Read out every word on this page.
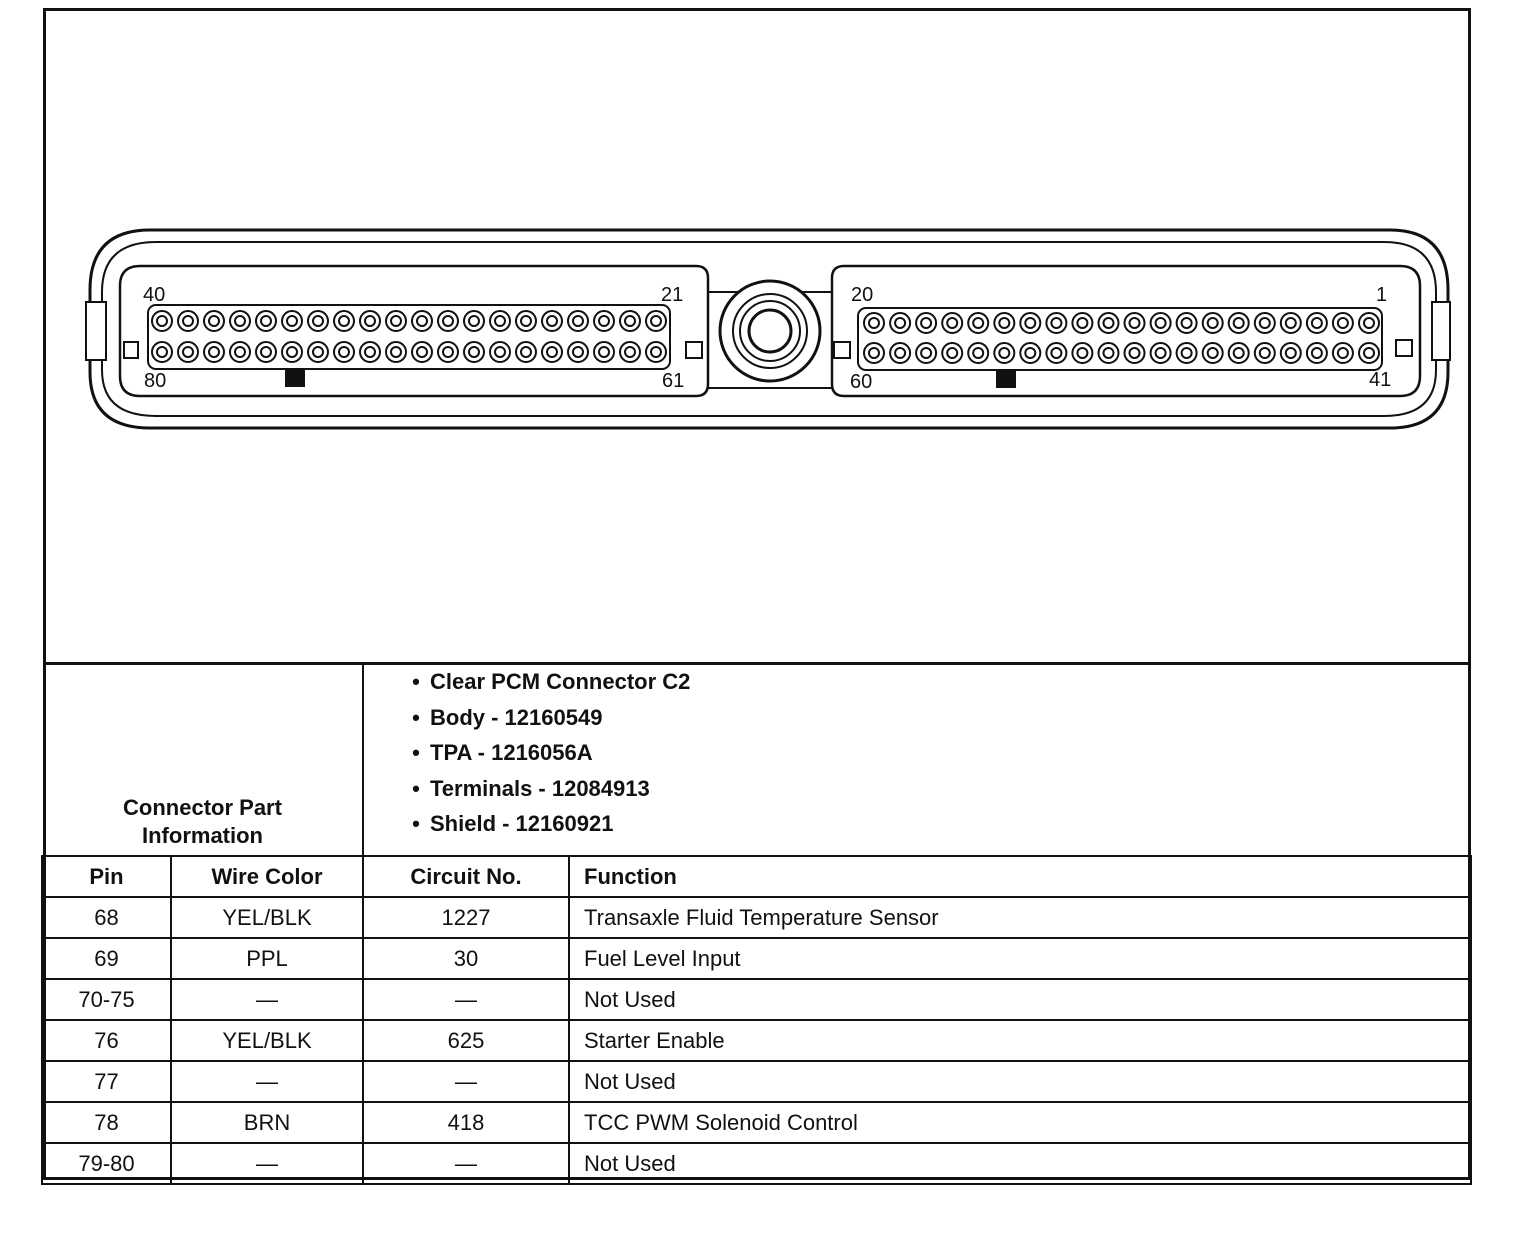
40	21
80	61
20	1
60	41
Connector Part
Information
• Clear PCM Connector C2
• Body - 12160549
• TPA - 1216056A
• Terminals - 12084913
• Shield - 12160921
Pin	Wire Color	Circuit No.	Function
68	YEL/BLK	1227	Transaxle Fluid Temperature Sensor
69	PPL	30	Fuel Level Input
70-75	—	—	Not Used
76	YEL/BLK	625	Starter Enable
77	—	—	Not Used
78	BRN	418	TCC PWM Solenoid Control
79-80	—	—	Not Used
